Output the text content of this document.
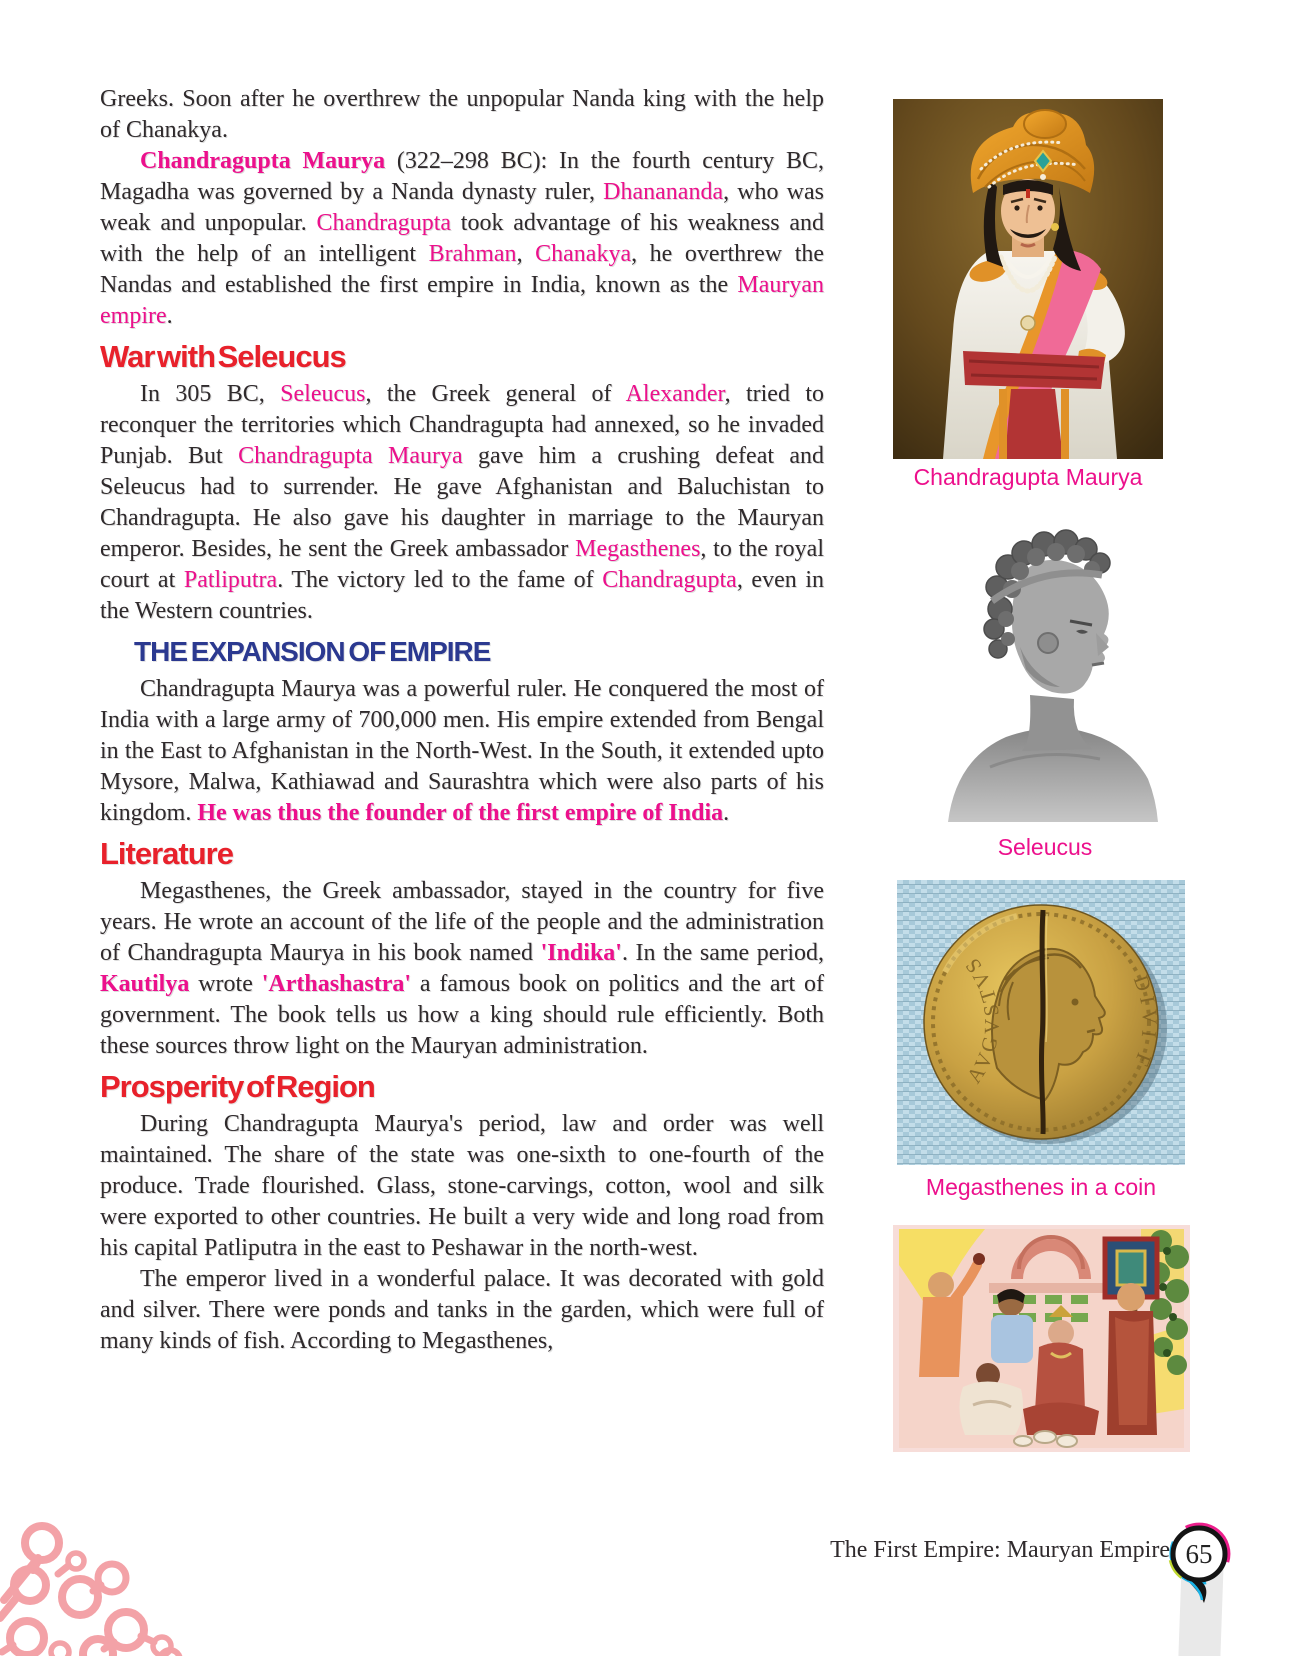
Greeks. Soon after he overthrew the unpopular Nanda king with the help of Chanakya.

Chandragupta Maurya (322–298 BC): In the fourth century BC, Magadha was governed by a Nanda dynasty ruler, Dhanananda, who was weak and unpopular. Chandragupta took advantage of his weakness and with the help of an intelligent Brahman, Chanakya, he overthrew the Nandas and established the first empire in India, known as the Mauryan empire.

War with Seleucus

In 305 BC, Seleucus, the Greek general of Alexander, tried to reconquer the territories which Chandragupta had annexed, so he invaded Punjab. But Chandragupta Maurya gave him a crushing defeat and Seleucus had to surrender. He gave Afghanistan and Baluchistan to Chandragupta. He also gave his daughter in marriage to the Mauryan emperor. Besides, he sent the Greek ambassador Megasthenes, to the royal court at Patliputra. The victory led to the fame of Chandragupta, even in the Western countries.

THE EXPANSION OF EMPIRE

Chandragupta Maurya was a powerful ruler. He conquered the most of India with a large army of 700,000 men. His empire extended from Bengal in the East to Afghanistan in the North-West. In the South, it extended upto Mysore, Malwa, Kathiawad and Saurashtra which were also parts of his kingdom. He was thus the founder of the first empire of India.

Literature

Megasthenes, the Greek ambassador, stayed in the country for five years. He wrote an account of the life of the people and the administration of Chandragupta Maurya in his book named 'Indika'. In the same period, Kautilya wrote 'Arthashastra' a famous book on politics and the art of government. The book tells us how a king should rule efficiently. Both these sources throw light on the Mauryan administration.

Prosperity of Region

During Chandragupta Maurya's period, law and order was well maintained. The share of the state was one-sixth to one-fourth of the produce. Trade flourished. Glass, stone-carvings, cotton, wool and silk were exported to other countries. He built a very wide and long road from his capital Patliputra in the east to Peshawar in the north-west.

The emperor lived in a wonderful palace. It was decorated with gold and silver. There were ponds and tanks in the garden, which were full of many kinds of fish. According to Megasthenes,

Chandragupta Maurya
Seleucus
AVGVSTVS
DIVI F
Megasthenes in a coin
The First Empire: Mauryan Empire 65
